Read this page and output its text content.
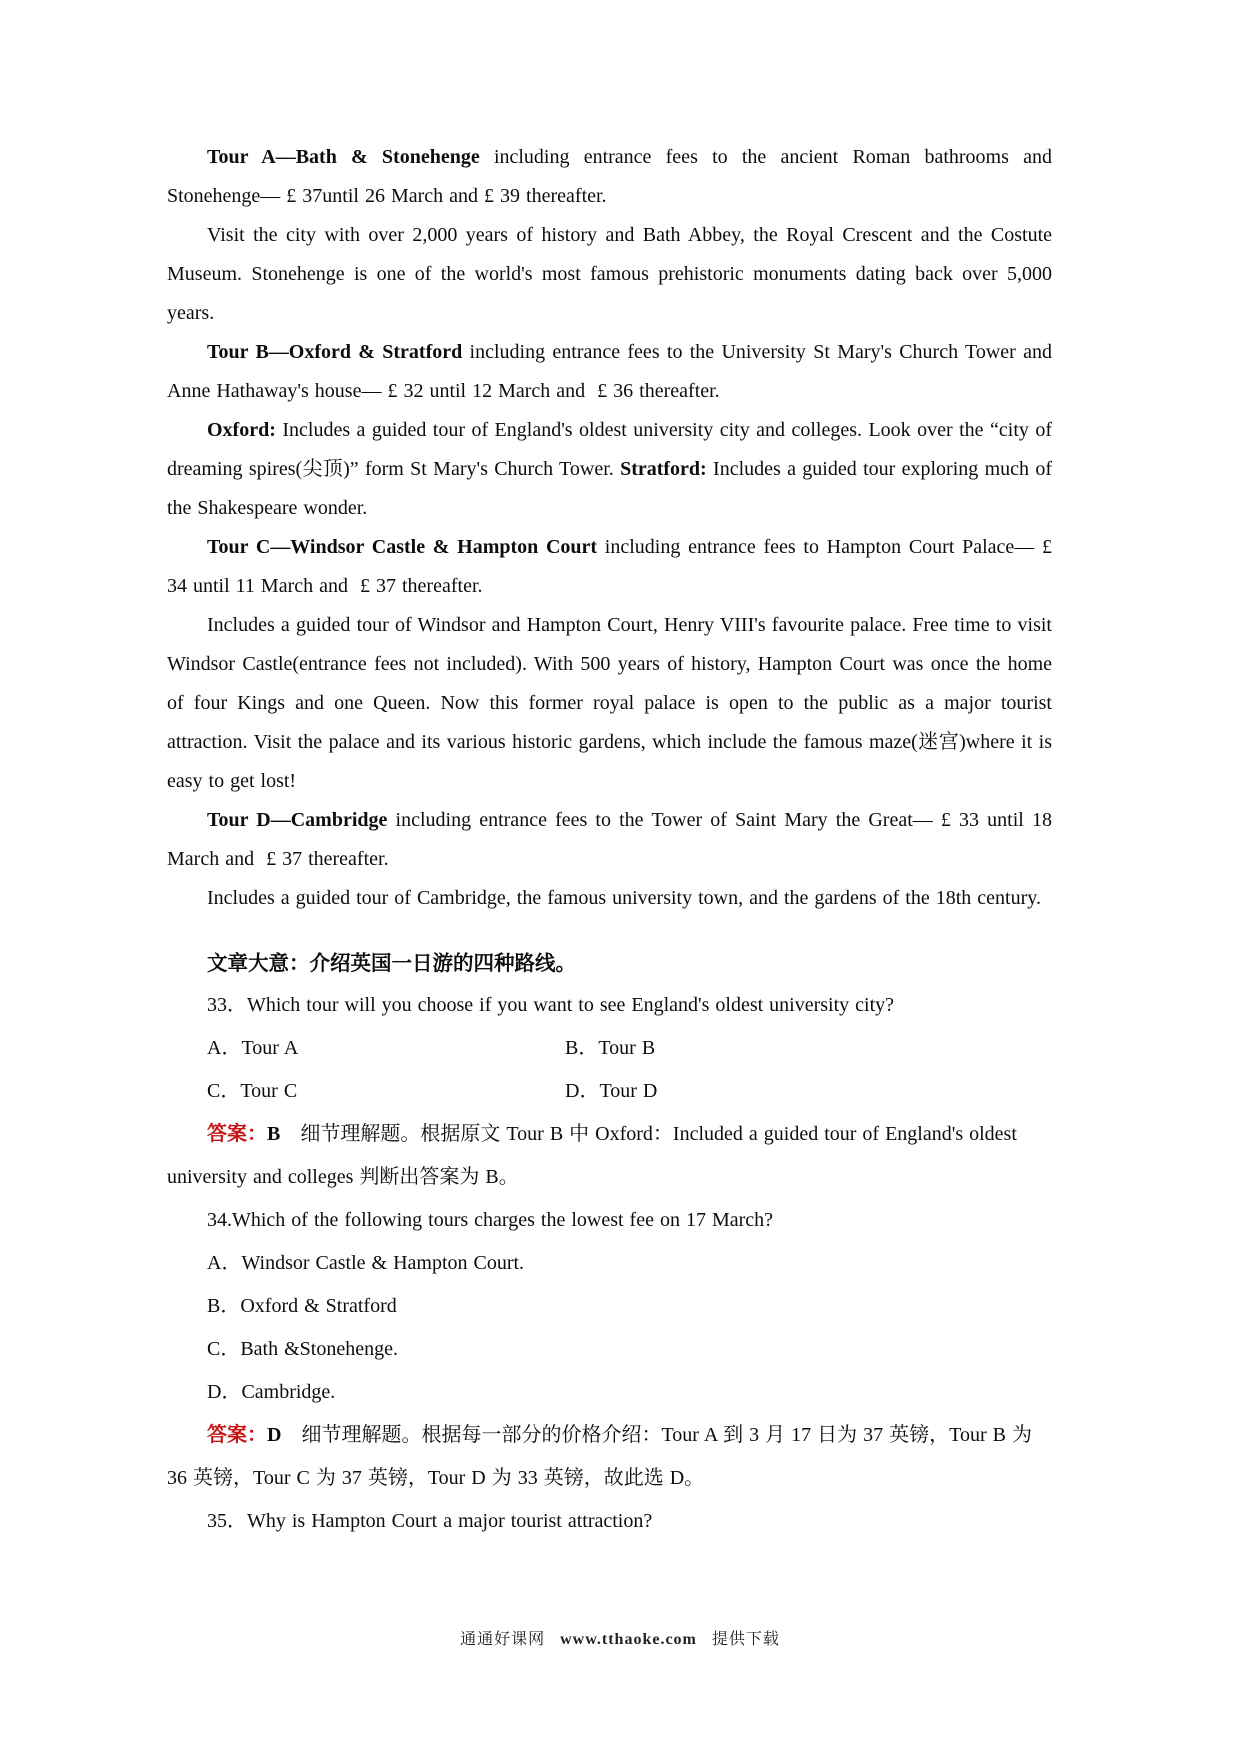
Tour A—Bath & Stonehenge including entrance fees to the ancient Roman bathrooms and Stonehenge— £ 37until 26 March and £ 39 thereafter.

Visit the city with over 2,000 years of history and Bath Abbey, the Royal Crescent and the Costute Museum. Stonehenge is one of the world's most famous prehistoric monuments dating back over 5,000 years.

Tour B—Oxford & Stratford including entrance fees to the University St Mary's Church Tower and Anne Hathaway's house— £ 32 until 12 March and  £ 36 thereafter.

Oxford: Includes a guided tour of England's oldest university city and colleges. Look over the “city of dreaming spires(尖顶)” form St Mary's Church Tower. Stratford: Includes a guided tour exploring much of the Shakespeare wonder.

Tour C—Windsor Castle & Hampton Court including entrance fees to Hampton Court Palace— £ 34 until 11 March and  £ 37 thereafter.

Includes a guided tour of Windsor and Hampton Court, Henry VIII's favourite palace. Free time to visit Windsor Castle(entrance fees not included). With 500 years of history, Hampton Court was once the home of four Kings and one Queen. Now this former royal palace is open to the public as a major tourist attraction. Visit the palace and its various historic gardens, which include the famous maze(迷宫)where it is easy to get lost!

Tour D—Cambridge including entrance fees to the Tower of Saint Mary the Great— £ 33 until 18 March and  £ 37 thereafter.

Includes a guided tour of Cambridge, the famous university town, and the gardens of the 18th century.

文章大意：介绍英国一日游的四种路线。

33．Which tour will you choose if you want to see England's oldest university city?

A．Tour A	B．Tour B

C．Tour C	D．Tour D

答案：B　细节理解题。根据原文 Tour B 中 Oxford：Included a guided tour of England's oldest university and colleges 判断出答案为 B。

34.Which of the following tours charges the lowest fee on 17 March?

A．Windsor Castle & Hampton Court.

B．Oxford & Stratford

C．Bath &Stonehenge.

D．Cambridge.

答案：D　细节理解题。根据每一部分的价格介绍：Tour A 到 3 月 17 日为 37 英镑，Tour B 为 36 英镑，Tour C 为 37 英镑，Tour D 为 33 英镑，故此选 D。

35．Why is Hampton Court a major tourist attraction?

通通好课网 www.tthaoke.com 提供下载
